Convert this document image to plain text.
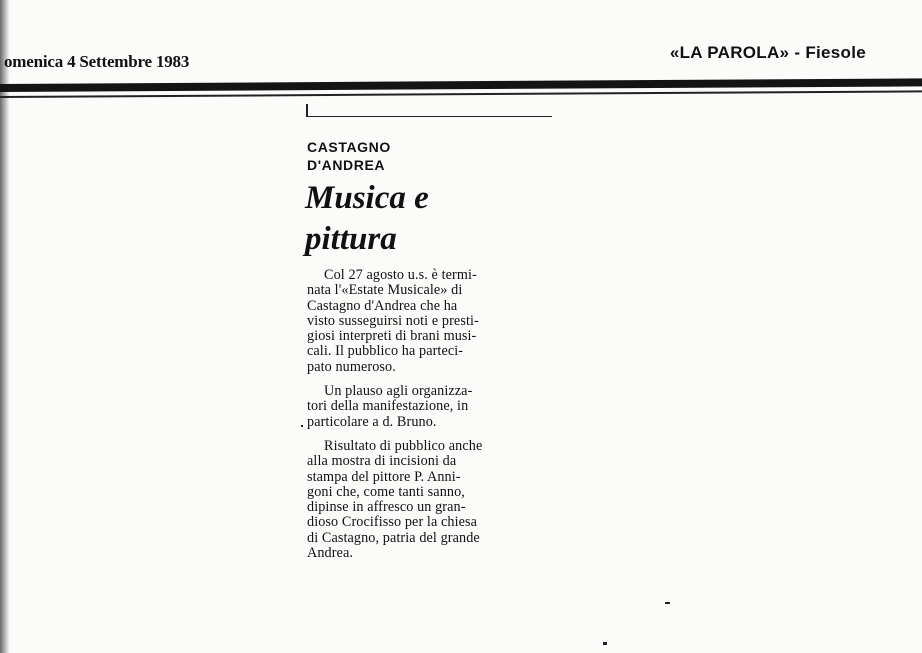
omenica 4 Settembre 1983	«LA PAROLA» - Fiesole
CASTAGNO
D'ANDREA
Musica e
pittura
Col 27 agosto u.s. è termi-
nata l'«Estate Musicale» di
Castagno d'Andrea che ha
visto susseguirsi noti e presti-
giosi interpreti di brani musi-
cali. Il pubblico ha parteci-
pato numeroso.
Un plauso agli organizza-
tori della manifestazione, in
particolare a d. Bruno.
Risultato di pubblico anche
alla mostra di incisioni da
stampa del pittore P. Anni-
goni che, come tanti sanno,
dipinse in affresco un gran-
dioso Crocifisso per la chiesa
di Castagno, patria del grande
Andrea.
